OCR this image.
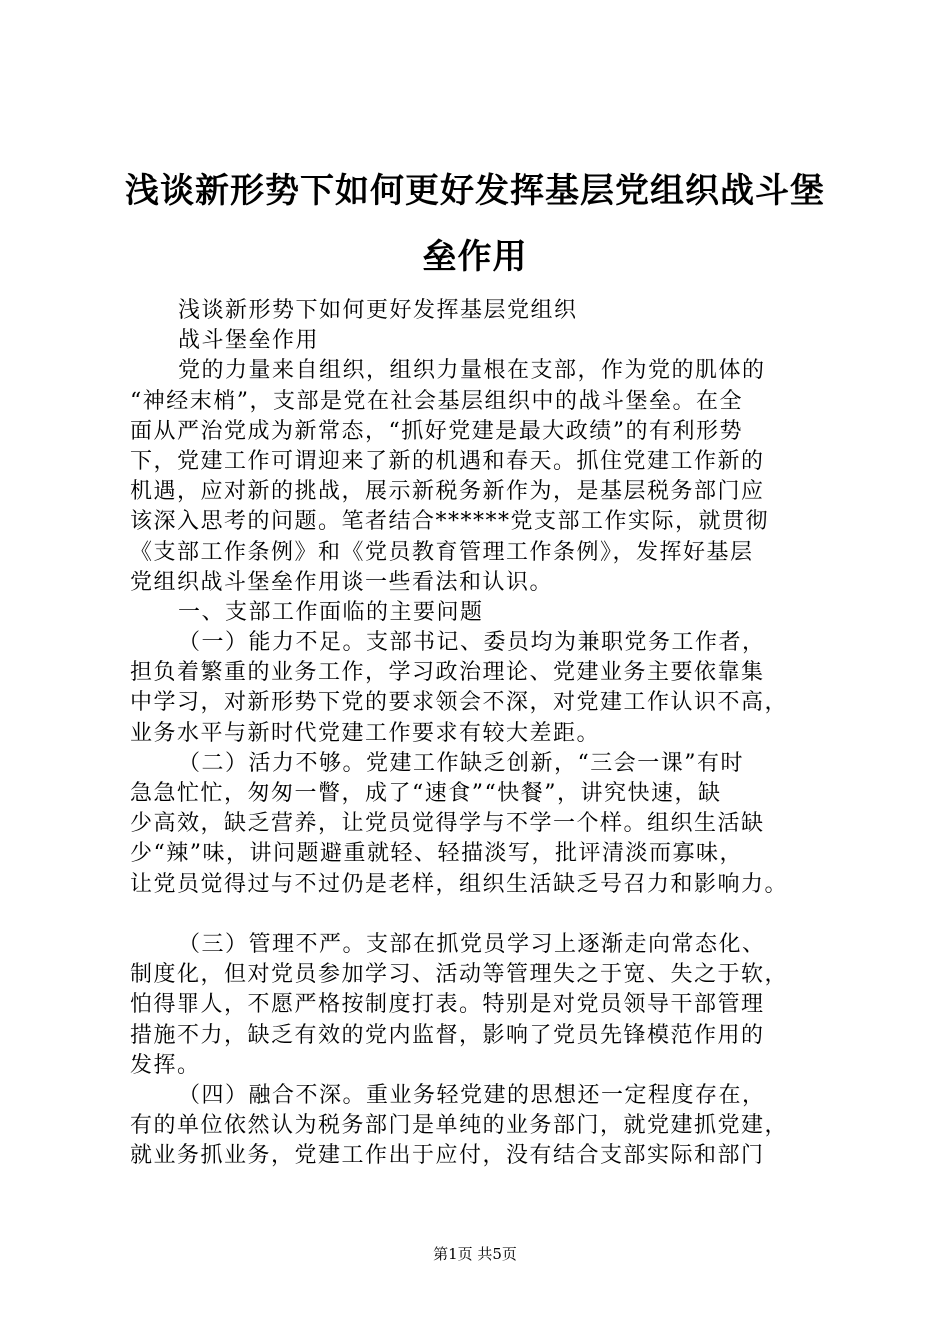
浅谈新形势下如何更好发挥基层党组织战斗堡垒作用
浅谈新形势下如何更好发挥基层党组织
战斗堡垒作用
党的力量来自组织，组织力量根在支部，作为党的肌体的
“神经末梢”，支部是党在社会基层组织中的战斗堡垒。在全
面从严治党成为新常态，“抓好党建是最大政绩”的有利形势
下，党建工作可谓迎来了新的机遇和春天。抓住党建工作新的
机遇，应对新的挑战，展示新税务新作为，是基层税务部门应
该深入思考的问题。笔者结合******党支部工作实际，就贯彻
《支部工作条例》和《党员教育管理工作条例》，发挥好基层
党组织战斗堡垒作用谈一些看法和认识。
一、支部工作面临的主要问题
（一）能力不足。支部书记、委员均为兼职党务工作者，
担负着繁重的业务工作，学习政治理论、党建业务主要依靠集
中学习，对新形势下党的要求领会不深，对党建工作认识不高，
业务水平与新时代党建工作要求有较大差距。
（二）活力不够。党建工作缺乏创新，“三会一课”有时
急急忙忙，匆匆一瞥，成了“速食”“快餐”，讲究快速，缺
少高效，缺乏营养，让党员觉得学与不学一个样。组织生活缺
少“辣”味，讲问题避重就轻、轻描淡写，批评清淡而寡味，
让党员觉得过与不过仍是老样，组织生活缺乏号召力和影响力。
（三）管理不严。支部在抓党员学习上逐渐走向常态化、
制度化，但对党员参加学习、活动等管理失之于宽、失之于软，
怕得罪人，不愿严格按制度打表。特别是对党员领导干部管理
措施不力，缺乏有效的党内监督，影响了党员先锋模范作用的
发挥。
（四）融合不深。重业务轻党建的思想还一定程度存在，
有的单位依然认为税务部门是单纯的业务部门，就党建抓党建，
就业务抓业务，党建工作出于应付，没有结合支部实际和部门
第1页 共5页
